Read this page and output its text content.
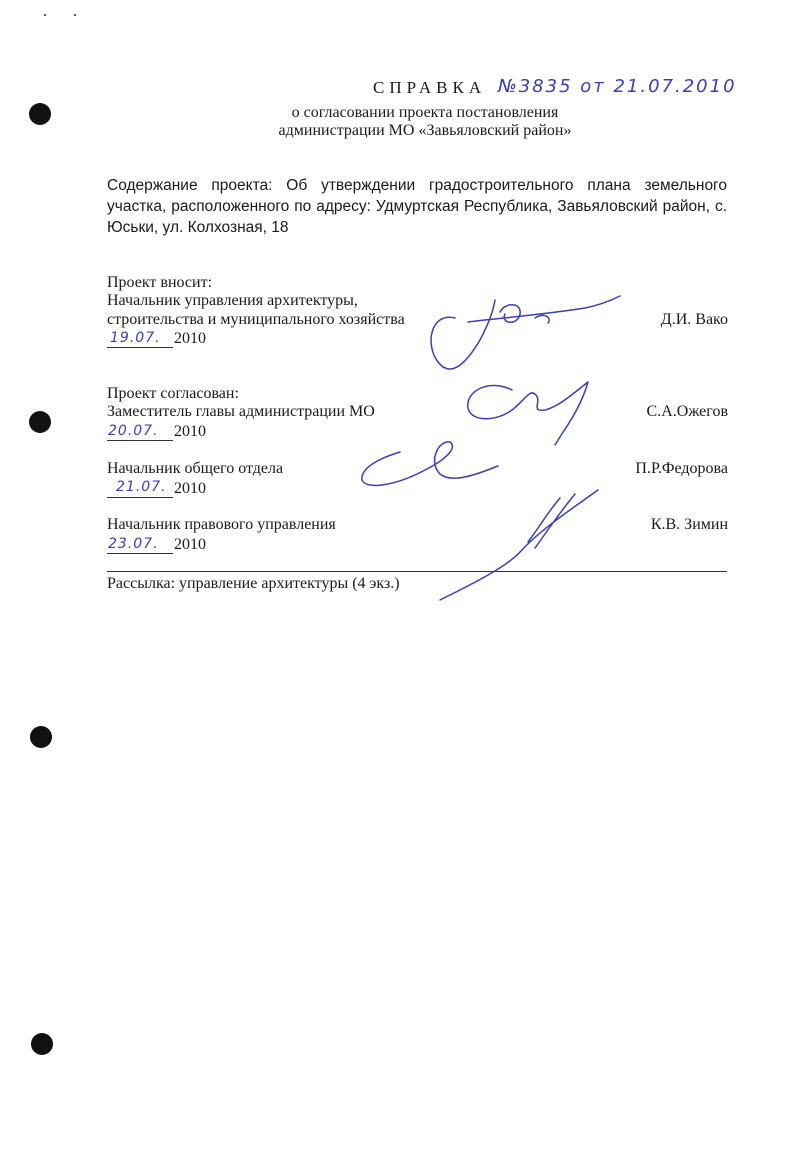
СПРАВКА №3835 от 21.07.2010
о согласовании проекта постановления
администрации МО «Завьяловский район»
Содержание проекта: Об утверждении градостроительного плана земельного участка, расположенного по адресу: Удмуртская Республика, Завьяловский район, с. Юськи, ул. Колхозная, 18
Проект вносит:
Начальник управления архитектуры,
строительства и муниципального хозяйства	Д.И. Вако
19.07. 2010
Проект согласован:
Заместитель главы администрации МО	С.А.Ожегов
20.07. 2010
Начальник общего отдела	П.Р.Федорова
21.07. 2010
Начальник правового управления	К.В. Зимин
23.07. 2010
Рассылка: управление архитектуры (4 экз.)
